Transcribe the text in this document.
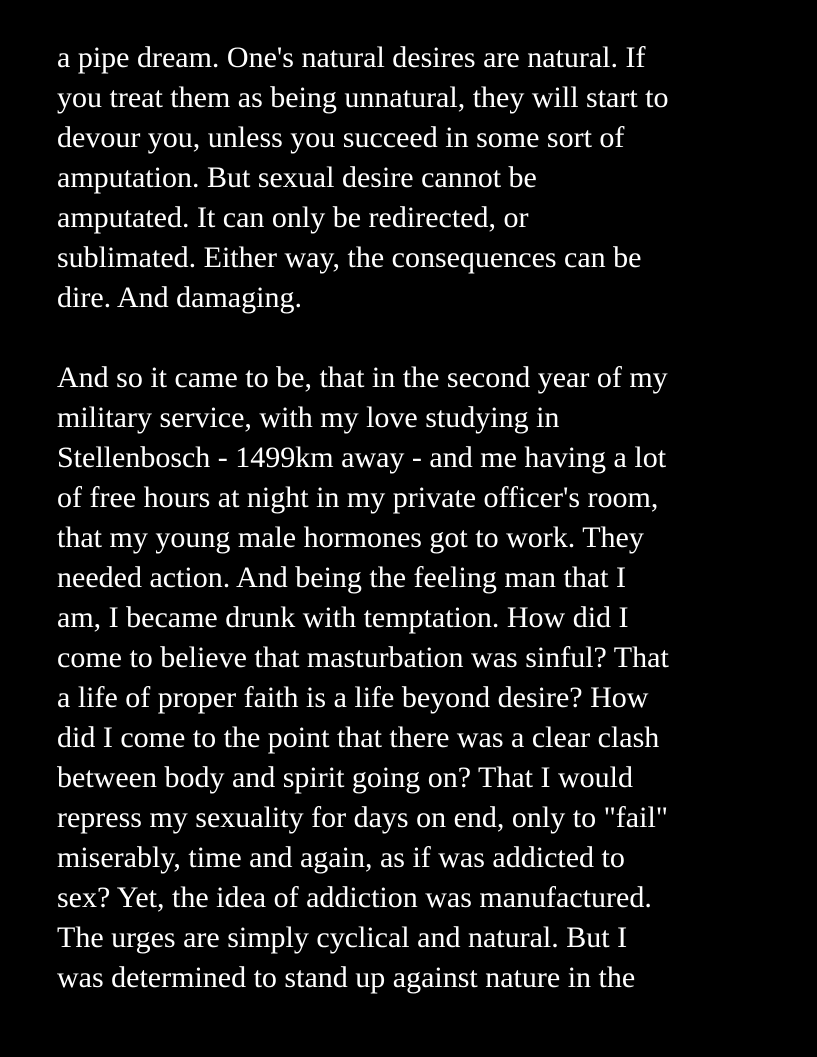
a pipe dream. One's natural desires are natural. If
you treat them as being unnatural, they will start to
devour you, unless you succeed in some sort of
amputation. But sexual desire cannot be
amputated. It can only be redirected, or
sublimated. Either way, the consequences can be
dire. And damaging.
And so it came to be, that in the second year of my
military service, with my love studying in
Stellenbosch - 1499km away - and me having a lot
of free hours at night in my private officer's room,
that my young male hormones got to work. They
needed action. And being the feeling man that I
am, I became drunk with temptation. How did I
come to believe that masturbation was sinful? That
a life of proper faith is a life beyond desire? How
did I come to the point that there was a clear clash
between body and spirit going on? That I would
repress my sexuality for days on end, only to "fail"
miserably, time and again, as if was addicted to
sex? Yet, the idea of addiction was manufactured.
The urges are simply cyclical and natural. But I
was determined to stand up against nature in the
